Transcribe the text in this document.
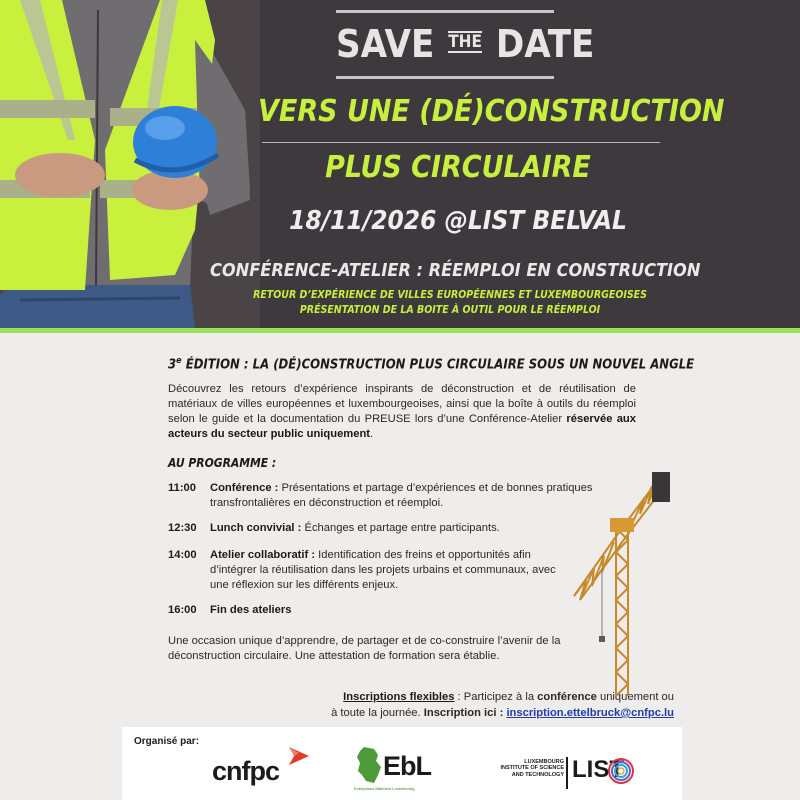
SAVE THE DATE
VERS UNE (DÉ)CONSTRUCTION
PLUS CIRCULAIRE
18/11/2026 @LIST BELVAL
CONFÉRENCE-ATELIER : RÉEMPLOI EN CONSTRUCTION
RETOUR D’EXPÉRIENCE DE VILLES EUROPÉENNES ET LUXEMBOURGEOISES
PRÉSENTATION DE LA BOITE À OUTIL POUR LE RÉEMPLOI
3e ÉDITION : LA (DÉ)CONSTRUCTION PLUS CIRCULAIRE SOUS UN NOUVEL ANGLE
Découvrez les retours d’expérience inspirants de déconstruction et de réutilisation de matériaux de villes européennes et luxembourgeoises, ainsi que la boîte à outils du réemploi selon le guide et la documentation du PREUSE lors d’une Conférence-Atelier réservée aux acteurs du secteur public uniquement.
AU PROGRAMME :
11:00	Conférence : Présentations et partage d’expériences et de bonnes pratiques transfrontalières en déconstruction et réemploi.
12:30	Lunch convivial : Échanges et partage entre participants.
14:00	Atelier collaboratif : Identification des freins et opportunités afin d’intégrer la réutilisation dans les projets urbains et communaux, avec une réflexion sur les différents enjeux.
16:00	Fin des ateliers
Une occasion unique d’apprendre, de partager et de co-construire l’avenir de la déconstruction circulaire. Une attestation de formation sera établie.
Inscriptions flexibles : Participez à la conférence uniquement ou
à toute la journée. Inscription ici : inscription.ettelbruck@cnfpc.lu
Organisé par:
cnfpc	EbL
Entreprises Bâtiment Luxembourg
LUXEMBOURG
INSTITUTE OF SCIENCE
AND TECHNOLOGY LIST
